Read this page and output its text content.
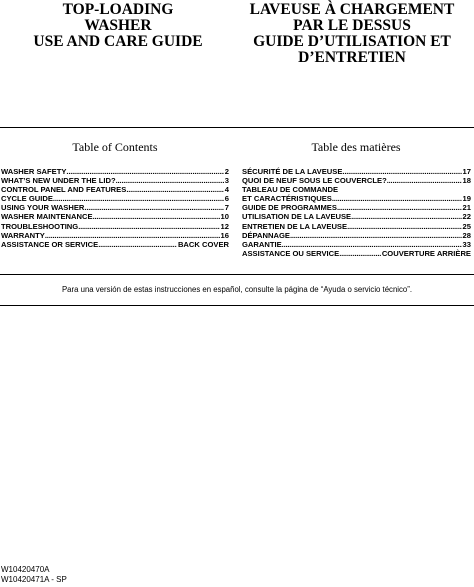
TOP-LOADING
WASHER
USE AND CARE GUIDE
LAVEUSE À CHARGEMENT
PAR LE DESSUS
GUIDE D’UTILISATION ET
D’ENTRETIEN
Table of Contents	Table des matières
WASHER SAFETY .....	2
WHAT’S NEW UNDER THE LID? .....	3
CONTROL PANEL AND FEATURES .....	4
CYCLE GUIDE .....	6
USING YOUR WASHER .....	7
WASHER MAINTENANCE .....	10
TROUBLESHOOTING .....	12
WARRANTY .....	16
ASSISTANCE OR SERVICE .....	BACK COVER
SÉCURITÉ DE LA LAVEUSE .....	17
QUOI DE NEUF SOUS LE COUVERCLE? .....	18
TABLEAU DE COMMANDE
ET CARACTÉRISTIQUES .....	19
GUIDE DE PROGRAMMES .....	21
UTILISATION DE LA LAVEUSE .....	22
ENTRETIEN DE LA LAVEUSE .....	25
DÉPANNAGE .....	28
GARANTIE .....	33
ASSISTANCE OU SERVICE .....	COUVERTURE ARRIÈRE
Para una versión de estas instrucciones en español, consulte la página de “Ayuda o servicio técnico”.
W10420470A
W10420471A - SP
